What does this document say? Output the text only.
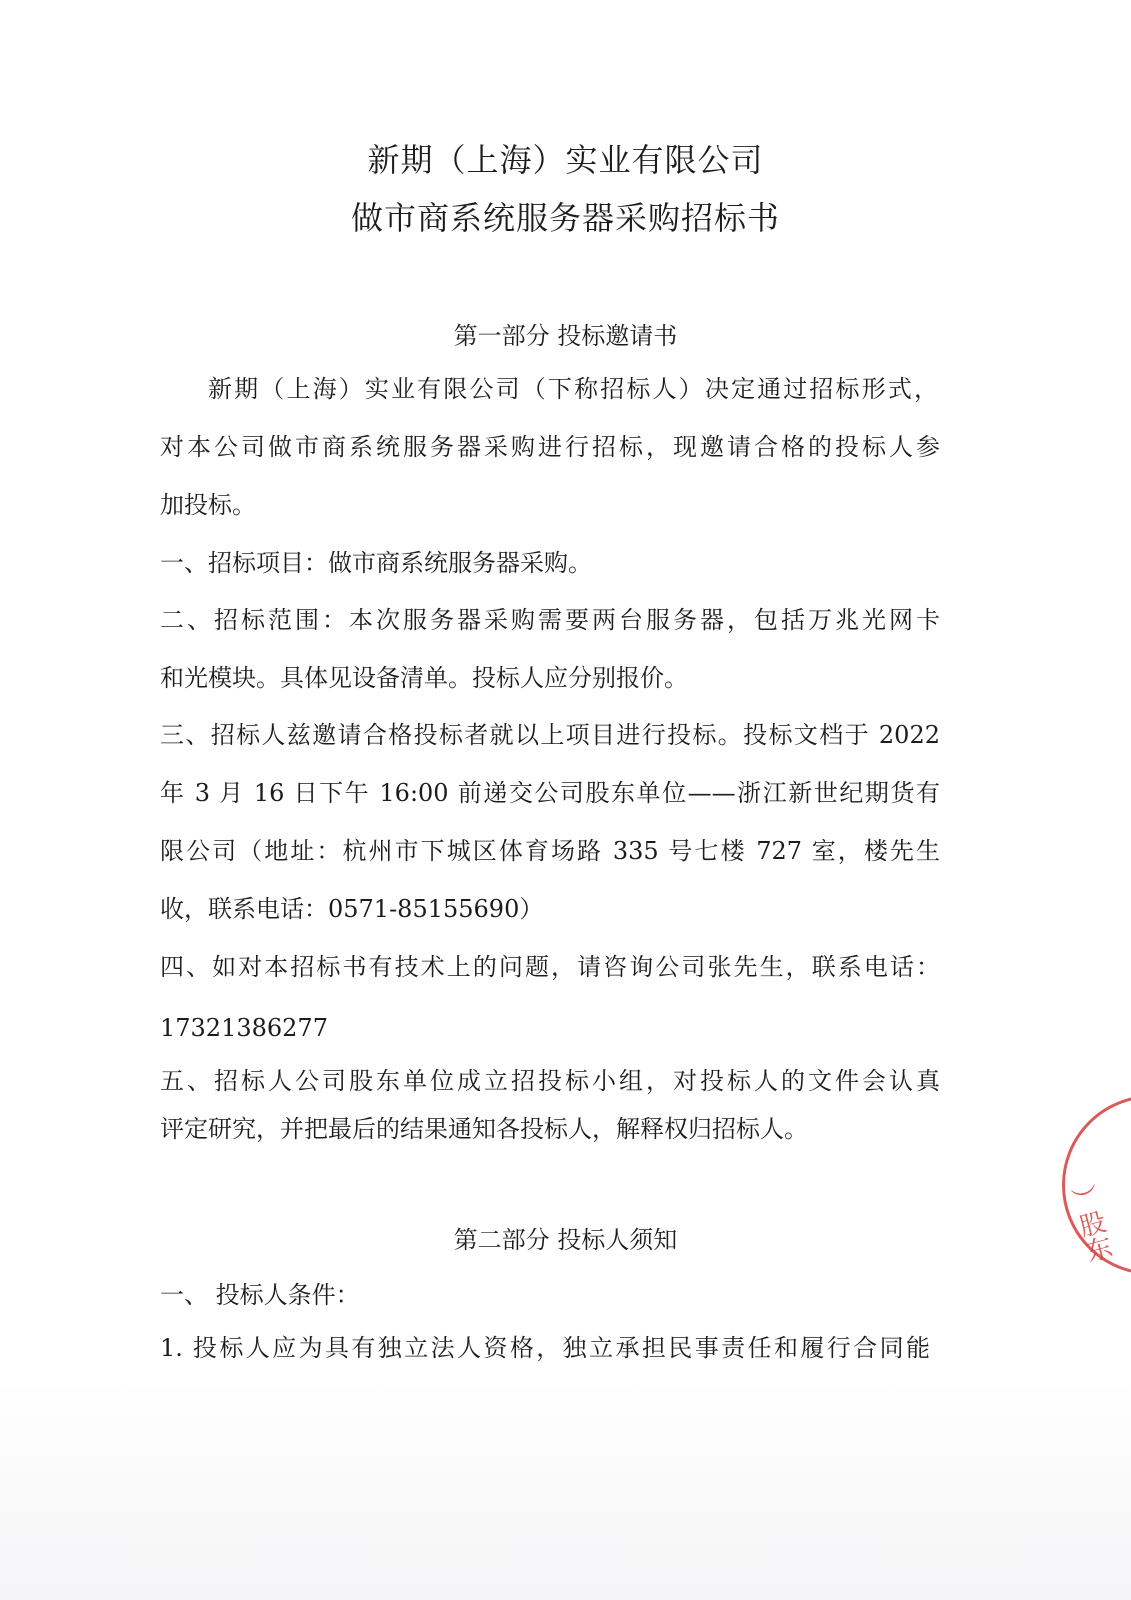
新期（上海）实业有限公司
做市商系统服务器采购招标书
第一部分 投标邀请书

新期（上海）实业有限公司（下称招标人）决定通过招标形式，

对本公司做市商系统服务器采购进行招标，现邀请合格的投标人参

加投标。

一、招标项目：做市商系统服务器采购。

二、招标范围：本次服务器采购需要两台服务器，包括万兆光网卡

和光模块。具体见设备清单。投标人应分别报价。

三、招标人兹邀请合格投标者就以上项目进行投标。投标文档于 2022

年 3 月 16 日下午 16:00 前递交公司股东单位——浙江新世纪期货有

限公司（地址：杭州市下城区体育场路 335 号七楼 727 室，楼先生

收，联系电话：0571-85155690）

四、如对本招标书有技术上的问题，请咨询公司张先生，联系电话：

17321386277

五、招标人公司股东单位成立招投标小组，对投标人的文件会认真

评定研究，并把最后的结果通知各投标人，解释权归招标人。

第二部分 投标人须知

一、 投标人条件：

1. 投标人应为具有独立法人资格，独立承担民事责任和履行合同能

）股东
